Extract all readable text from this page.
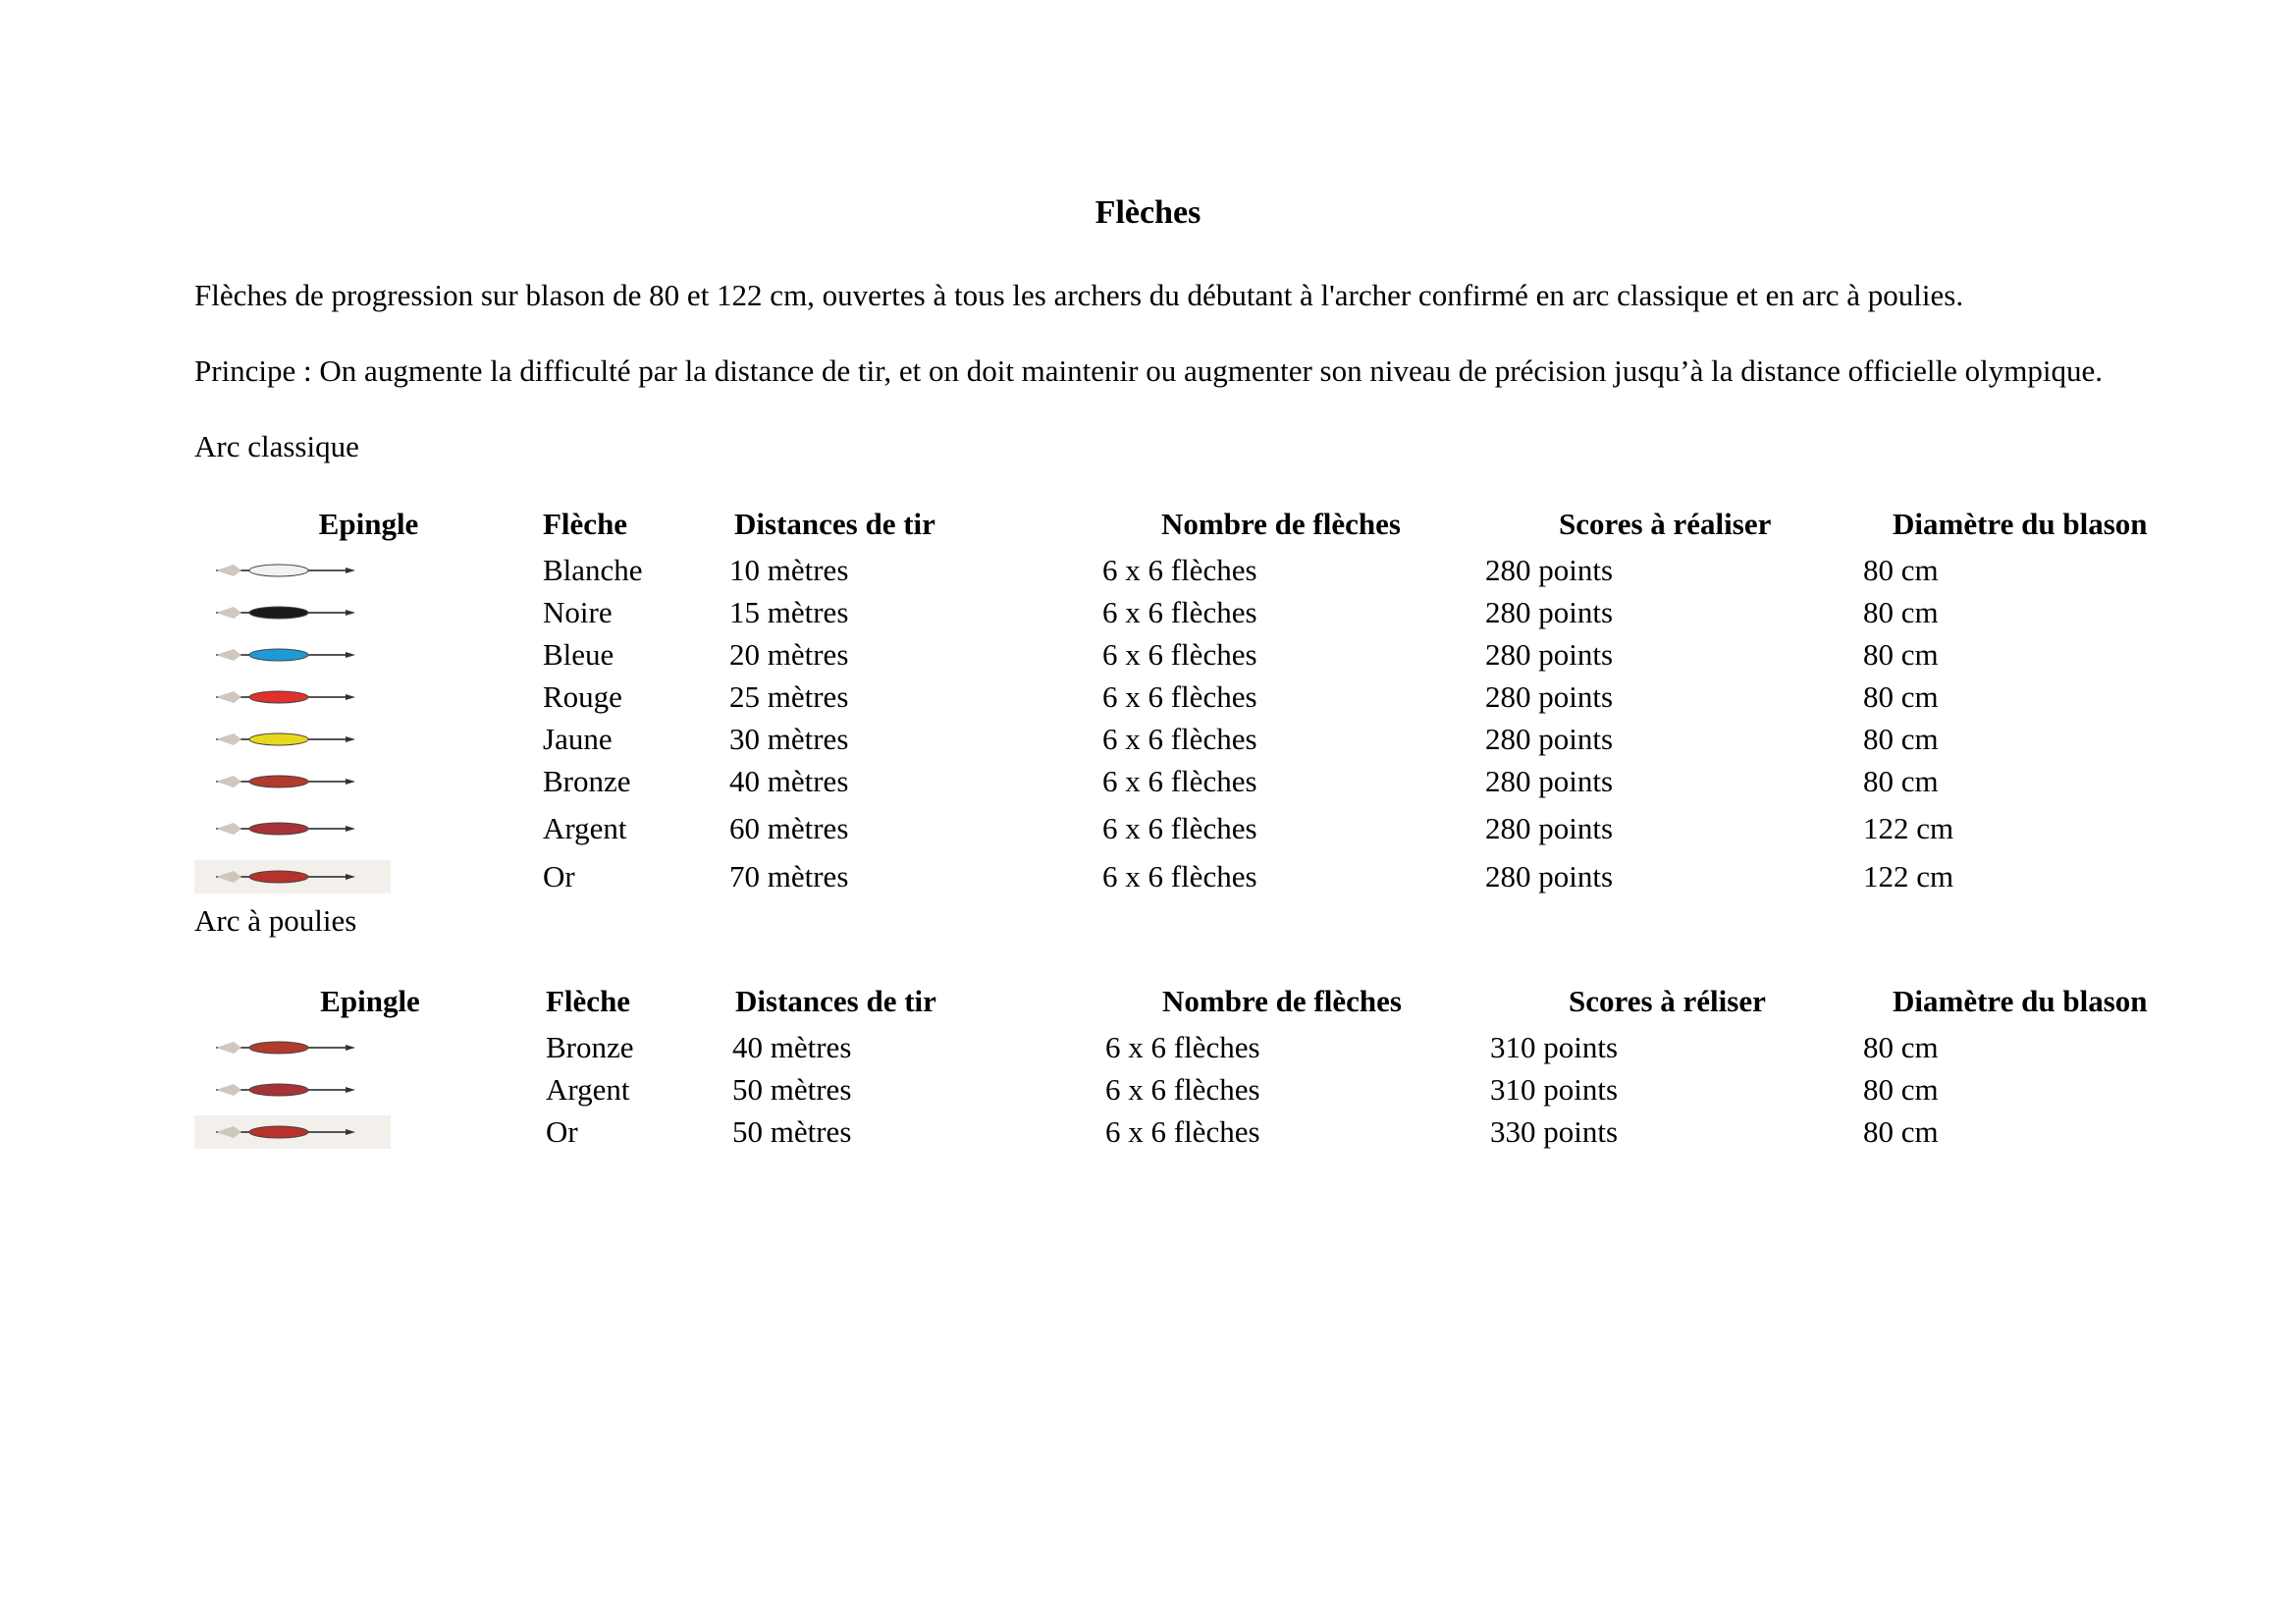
Flèches
Flèches de progression sur blason de 80 et 122 cm, ouvertes à tous les archers du débutant à l'archer confirmé en arc classique et en arc à poulies.
Principe : On augmente la difficulté par la distance de tir, et on doit maintenir ou augmenter son niveau de précision jusqu’à la distance officielle olympique.
Arc classique
Epingle	Flèche	Distances de tir	Nombre de flèches	Scores à réaliser	Diamètre du blason

	Blanche	10 mètres	6 x 6 flèches	280 points	80 cm

	Noire	15 mètres	6 x 6 flèches	280 points	80 cm

	Bleue	20 mètres	6 x 6 flèches	280 points	80 cm

	Rouge	25 mètres	6 x 6 flèches	280 points	80 cm

	Jaune	30 mètres	6 x 6 flèches	280 points	80 cm

	Bronze	40 mètres	6 x 6 flèches	280 points	80 cm

	Argent	60 mètres	6 x 6 flèches	280 points	122 cm

	Or	70 mètres	6 x 6 flèches	280 points	122 cm
Arc à poulies
Epingle	Flèche	Distances de tir	Nombre de flèches	Scores à réliser	Diamètre du blason

	Bronze	40 mètres	6 x 6 flèches	310 points	80 cm

	Argent	50 mètres	6 x 6 flèches	310 points	80 cm

	Or	50 mètres	6 x 6 flèches	330 points	80 cm
